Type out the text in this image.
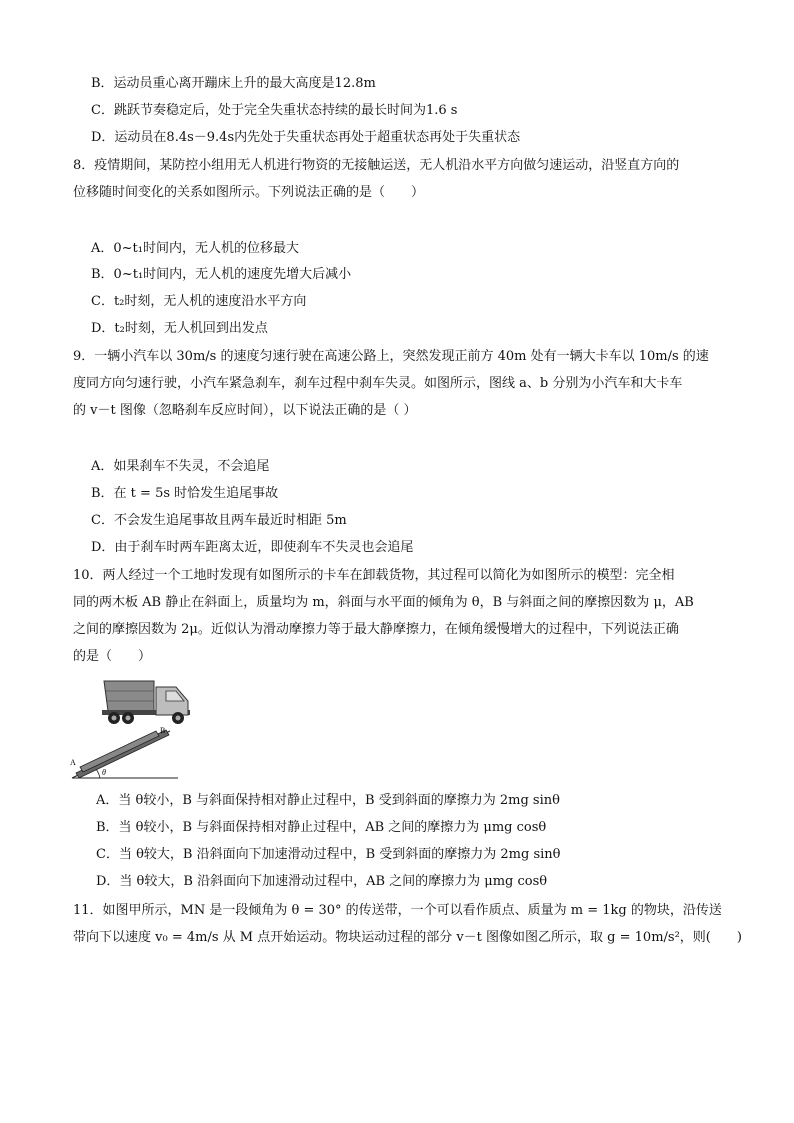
B．运动员重心离开蹦床上升的最大高度是12.8m
C．跳跃节奏稳定后，处于完全失重状态持续的最长时间为1.6 s
D．运动员在8.4s－9.4s内先处于失重状态再处于超重状态再处于失重状态
8．疫情期间，某防控小组用无人机进行物资的无接触运送，无人机沿水平方向做匀速运动，沿竖直方向的
位移随时间变化的关系如图所示。下列说法正确的是（　　）
A．0~t₁时间内，无人机的位移最大
B．0~t₁时间内，无人机的速度先增大后减小
C．t₂时刻，无人机的速度沿水平方向
D．t₂时刻，无人机回到出发点
9．一辆小汽车以 30m/s 的速度匀速行驶在高速公路上，突然发现正前方 40m 处有一辆大卡车以 10m/s 的速
度同方向匀速行驶，小汽车紧急刹车，刹车过程中刹车失灵。如图所示，图线 a、b 分别为小汽车和大卡车
的 v－t 图像（忽略刹车反应时间），以下说法正确的是（ ）
A．如果刹车不失灵，不会追尾
B．在 t = 5s 时恰发生追尾事故
C．不会发生追尾事故且两车最近时相距 5m
D．由于刹车时两车距离太近，即使刹车不失灵也会追尾
10．两人经过一个工地时发现有如图所示的卡车在卸载货物，其过程可以简化为如图所示的模型：完全相
同的两木板 AB 静止在斜面上，质量均为 m，斜面与水平面的倾角为 θ，B 与斜面之间的摩擦因数为 μ，AB
之间的摩擦因数为 2μ。近似认为滑动摩擦力等于最大静摩擦力，在倾角缓慢增大的过程中，下列说法正确
的是（　　）
B
A
θ
A．当 θ较小，B 与斜面保持相对静止过程中，B 受到斜面的摩擦力为 2mg sinθ
B．当 θ较小，B 与斜面保持相对静止过程中，AB 之间的摩擦力为 μmg cosθ
C．当 θ较大，B 沿斜面向下加速滑动过程中，B 受到斜面的摩擦力为 2mg sinθ
D．当 θ较大，B 沿斜面向下加速滑动过程中，AB 之间的摩擦力为 μmg cosθ
11．如图甲所示，MN 是一段倾角为 θ = 30° 的传送带，一个可以看作质点、质量为 m = 1kg 的物块，沿传送
带向下以速度 v₀ = 4m/s 从 M 点开始运动。物块运动过程的部分 v－t 图像如图乙所示，取 g = 10m/s²，则(　　)
